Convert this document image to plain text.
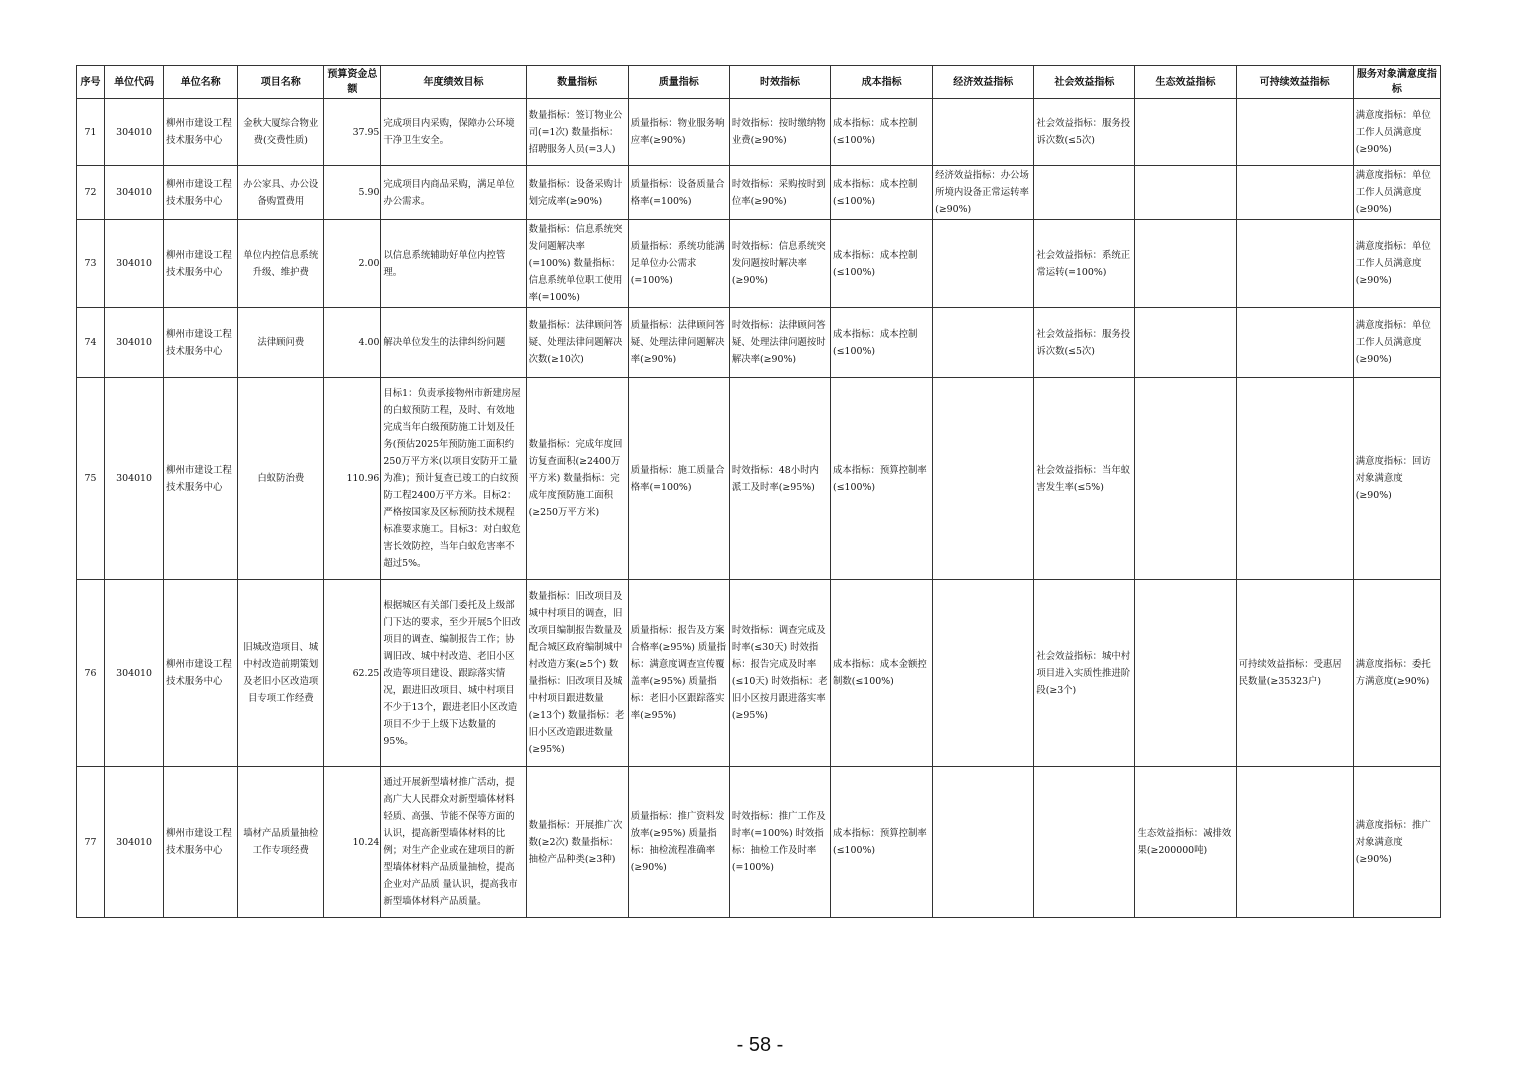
序号	单位代码	单位名称	项目名称	预算资金总额	年度绩效目标	数量指标	质量指标	时效指标	成本指标	经济效益指标	社会效益指标	生态效益指标	可持续效益指标	服务对象满意度指标
71	304010	柳州市建设工程技术服务中心	金秋大厦综合物业费(交费性质)	37.95	完成项目内采购，保障办公环境干净卫生安全。	数量指标：签订物业公司(=1次) 数量指标：招聘服务人员(=3人)	质量指标：物业服务响应率(≥90%)	时效指标：按时缴纳物业费(≥90%)	成本指标：成本控制(≤100%)		社会效益指标：服务投诉次数(≤5次)			满意度指标：单位工作人员满意度(≥90%)
72	304010	柳州市建设工程技术服务中心	办公家具、办公设备购置费用	5.90	完成项目内商品采购，满足单位办公需求。	数量指标：设备采购计划完成率(≥90%)	质量指标：设备质量合格率(=100%)	时效指标：采购按时到位率(≥90%)	成本指标：成本控制(≤100%)	经济效益指标：办公场所境内设备正常运转率(≥90%)				满意度指标：单位工作人员满意度(≥90%)
73	304010	柳州市建设工程技术服务中心	单位内控信息系统升级、维护费	2.00	以信息系统辅助好单位内控管理。	数量指标：信息系统突发问题解决率(=100%) 数量指标：信息系统单位职工使用率(=100%)	质量指标：系统功能满足单位办公需求(=100%)	时效指标：信息系统突发问题按时解决率(≥90%)	成本指标：成本控制(≤100%)		社会效益指标：系统正常运转(=100%)			满意度指标：单位工作人员满意度(≥90%)
74	304010	柳州市建设工程技术服务中心	法律顾问费	4.00	解决单位发生的法律纠纷问题	数量指标：法律顾问答疑、处理法律问题解决次数(≥10次)	质量指标：法律顾问答疑、处理法律问题解决率(≥90%)	时效指标：法律顾问答疑、处理法律问题按时解决率(≥90%)	成本指标：成本控制(≤100%)		社会效益指标：服务投诉次数(≤5次)			满意度指标：单位工作人员满意度(≥90%)
75	304010	柳州市建设工程技术服务中心	白蚁防治费	110.96	目标1：负责承接物州市新建房屋的白蚁预防工程，及时、有效地完成当年白级预防施工计划及任务(预估2025年预防施工面积约250万平方米(以项目安防开工量为准)；预计复查已竣工的白纹预防工程2400万平方米。目标2：严格按国家及区标预防技术规程标准要求施工。目标3：对白蚁危害长效防控，当年白蚁危害率不超过5%。	数量指标：完成年度回访复查面积(≥2400万平方米) 数量指标：完成年度预防施工面积(≥250万平方米)	质量指标：施工质量合格率(=100%)	时效指标：48小时内派工及时率(≥95%)	成本指标：预算控制率(≤100%)		社会效益指标：当年蚁害发生率(≤5%)			满意度指标：回访对象满意度(≥90%)
76	304010	柳州市建设工程技术服务中心	旧城改造项目、城中村改造前期策划及老旧小区改造项目专项工作经费	62.25	根据城区有关部门委托及上级部门下达的要求，至少开展5个旧改项目的调查、编制报告工作；协调旧改、城中村改造、老旧小区改造等项目建设、跟踪落实情况，跟进旧改项目、城中村项目不少于13个，跟进老旧小区改造项目不少于上级下达数量的95%。	数量指标：旧改项目及城中村项目的调查，旧改项目编制报告数量及配合城区政府编制城中村改造方案(≥5个) 数量指标：旧改项目及城中村项目跟进数量(≥13个) 数量指标：老旧小区改造跟进数量(≥95%)	质量指标：报告及方案合格率(≥95%) 质量指标：满意度调查宣传覆盖率(≥95%) 质量指标：老旧小区跟踪落实率(≥95%)	时效指标：调查完成及时率(≤30天) 时效指标：报告完成及时率(≤10天) 时效指标：老旧小区按月跟进落实率(≥95%)	成本指标：成本金额控制数(≤100%)		社会效益指标：城中村项目进入实质性推进阶段(≥3个)		可持续效益指标：受惠居民数量(≥35323户)	满意度指标：委托方满意度(≥90%)
77	304010	柳州市建设工程技术服务中心	墙材产品质量抽检工作专项经费	10.24	通过开展新型墙材推广活动，提高广大人民群众对新型墙体材料轻质、高强、节能不保等方面的认识，提高新型墙体材料的比例；对生产企业或在建项目的新型墙体材料产品质量抽检，提高企业对产品质 量认识，提高我市新型墙体材料产品质量。	数量指标：开展推广次数(≥2次) 数量指标：抽检产品种类(≥3种)	质量指标：推广资料发放率(≥95%) 质量指标：抽检流程准确率(≥90%)	时效指标：推广工作及时率(=100%) 时效指标：抽检工作及时率(=100%)	成本指标：预算控制率(≤100%)			生态效益指标：减排效果(≥200000吨)		满意度指标：推广对象满意度(≥90%)
- 58 -
